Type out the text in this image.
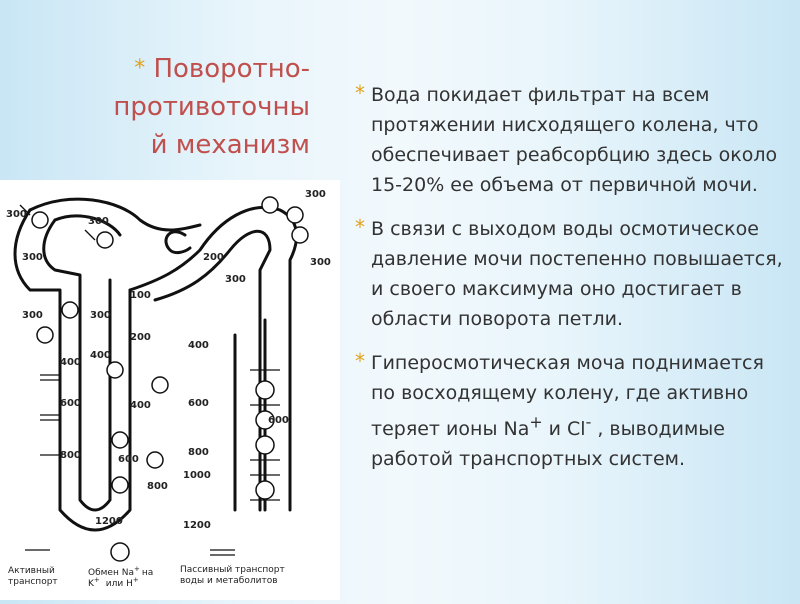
* Поворотно-
противоточны
й механизм
* Вода покидает фильтрат на всем протяжении нисходящего колена, что обеспечивает реабсорбцию здесь около 15-20% ее объема от первичной мочи.
* В связи с выходом воды осмотическое давление мочи постепенно повышается, и своего максимума оно достигает в области поворота петли.
* Гиперосмотическая моча поднимается по восходящему колену, где активно теряет ионы Na+ и Cl- , выводимые работой транспортных систем.
300
300
300
300	300
300
300
300
200
200
100
400
400
400
400
600
600
600
600
800
800
800
1000
1200	1200
Активный
транспорт
Обмен Na+ на
K+ или H+
Пассивный транспорт
воды и метаболитов
